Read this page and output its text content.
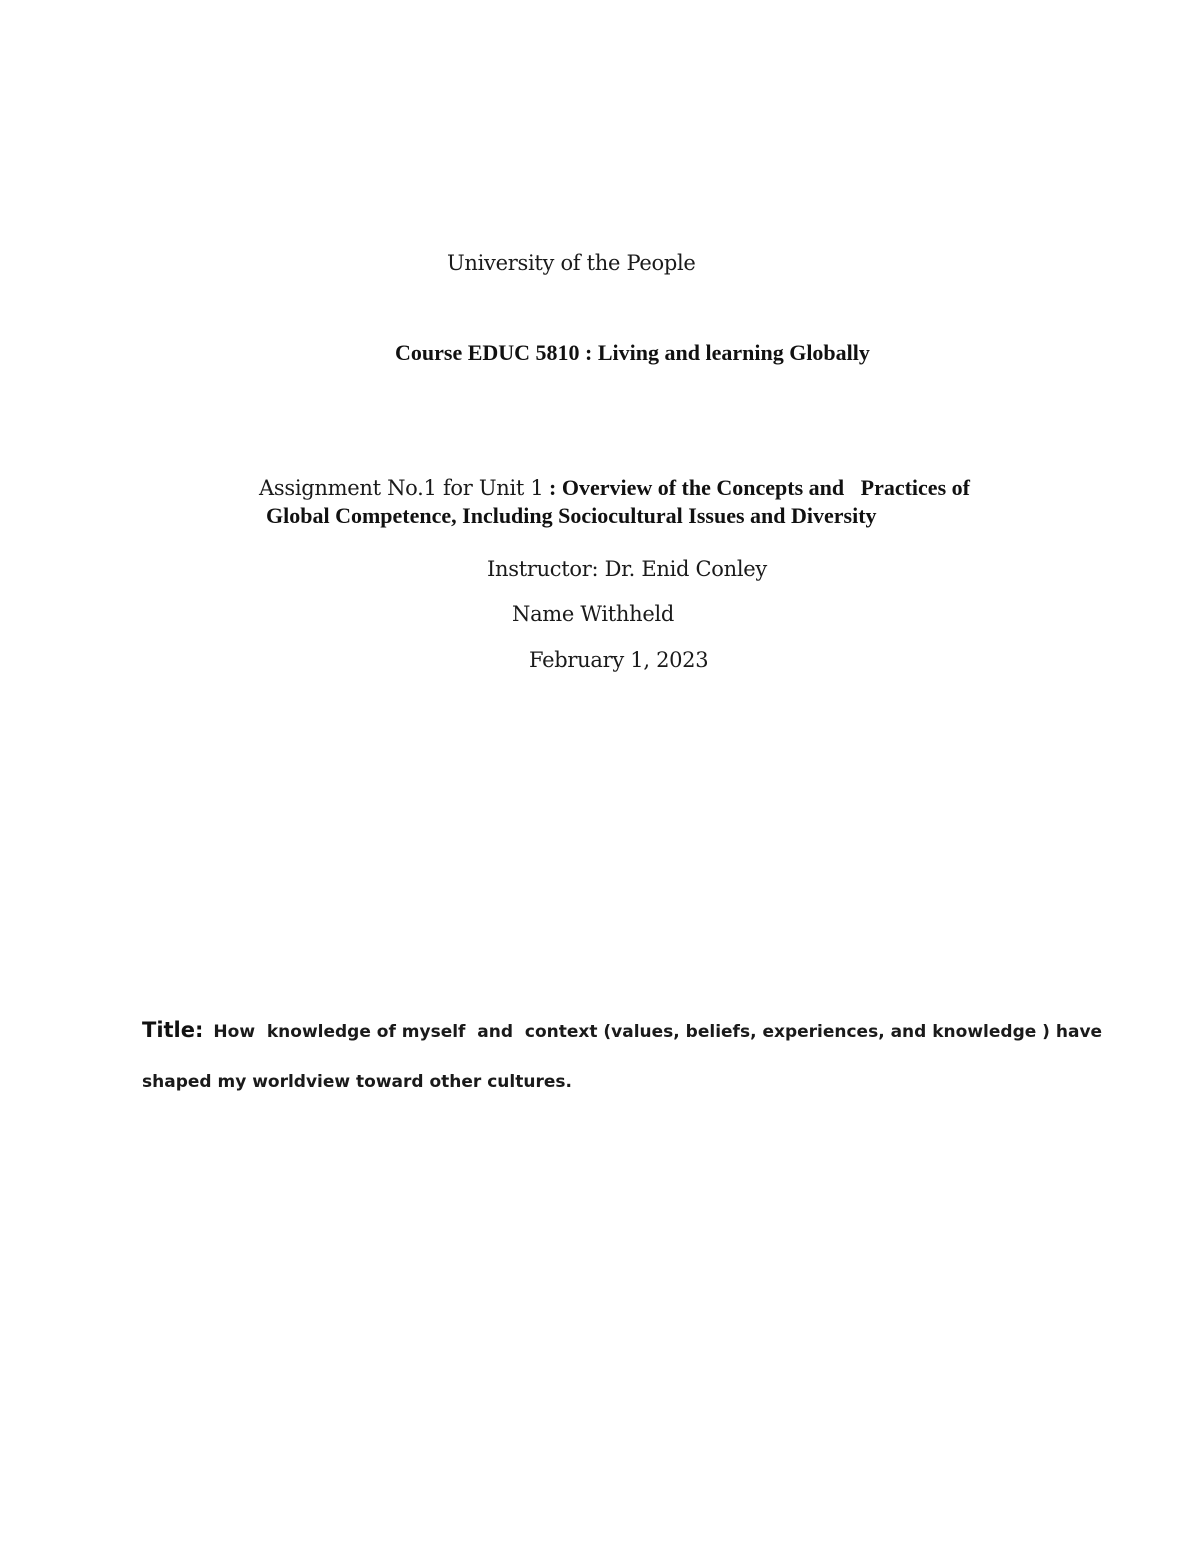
University of the People
Course EDUC 5810 : Living and learning Globally
Assignment No.1 for Unit 1 : Overview of the Concepts and   Practices of
Global Competence, Including Sociocultural Issues and Diversity
Instructor: Dr. Enid Conley
Name Withheld
February 1, 2023
Title: How  knowledge of myself  and  context (values, beliefs, experiences, and knowledge ) have
shaped my worldview toward other cultures.
